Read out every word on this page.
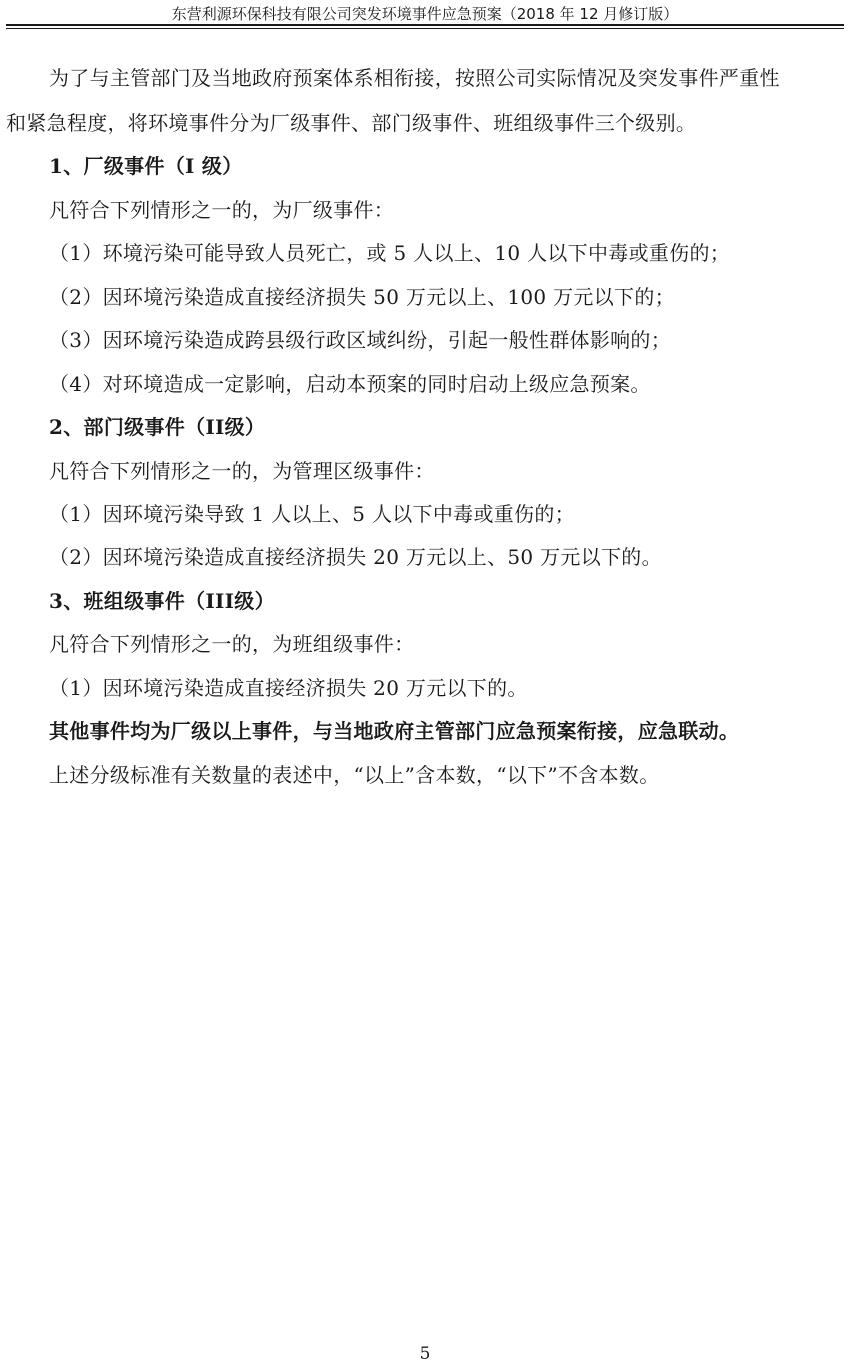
东营利源环保科技有限公司突发环境事件应急预案（2018 年 12 月修订版）
为了与主管部门及当地政府预案体系相衔接，按照公司实际情况及突发事件严重性
和紧急程度，将环境事件分为厂级事件、部门级事件、班组级事件三个级别。
1、厂级事件（I 级）
凡符合下列情形之一的，为厂级事件：
（1）环境污染可能导致人员死亡，或 5 人以上、10 人以下中毒或重伤的；
（2）因环境污染造成直接经济损失 50 万元以上、100 万元以下的；
（3）因环境污染造成跨县级行政区域纠纷，引起一般性群体影响的；
（4）对环境造成一定影响，启动本预案的同时启动上级应急预案。
2、部门级事件（II级）
凡符合下列情形之一的，为管理区级事件：
（1）因环境污染导致 1 人以上、5 人以下中毒或重伤的；
（2）因环境污染造成直接经济损失 20 万元以上、50 万元以下的。
3、班组级事件（III级）
凡符合下列情形之一的，为班组级事件：
（1）因环境污染造成直接经济损失 20 万元以下的。
其他事件均为厂级以上事件，与当地政府主管部门应急预案衔接，应急联动。
上述分级标准有关数量的表述中，“以上”含本数，“以下”不含本数。
5
